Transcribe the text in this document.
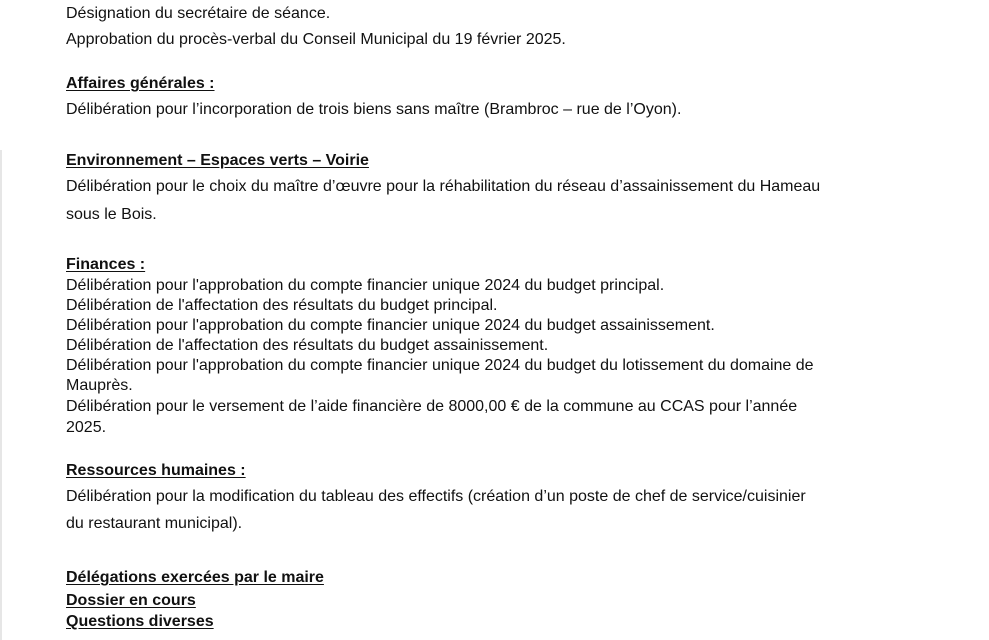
Désignation du secrétaire de séance.
Approbation du procès-verbal du Conseil Municipal du 19 février 2025.
Affaires générales :
Délibération pour l’incorporation de trois biens sans maître (Brambroc – rue de l’Oyon).
Environnement – Espaces verts – Voirie
Délibération pour le choix du maître d’œuvre pour la réhabilitation du réseau d’assainissement du Hameau
sous le Bois.
Finances :
Délibération pour l'approbation du compte financier unique 2024 du budget principal.
Délibération de l'affectation des résultats du budget principal.
Délibération pour l'approbation du compte financier unique 2024 du budget assainissement.
Délibération de l'affectation des résultats du budget assainissement.
Délibération pour l'approbation du compte financier unique 2024 du budget du lotissement du domaine de
Mauprès.
Délibération pour le versement de l’aide financière de 8000,00 € de la commune au CCAS pour l’année
2025.
Ressources humaines :
Délibération pour la modification du tableau des effectifs (création d’un poste de chef de service/cuisinier
du restaurant municipal).
Délégations exercées par le maire
Dossier en cours
Questions diverses
